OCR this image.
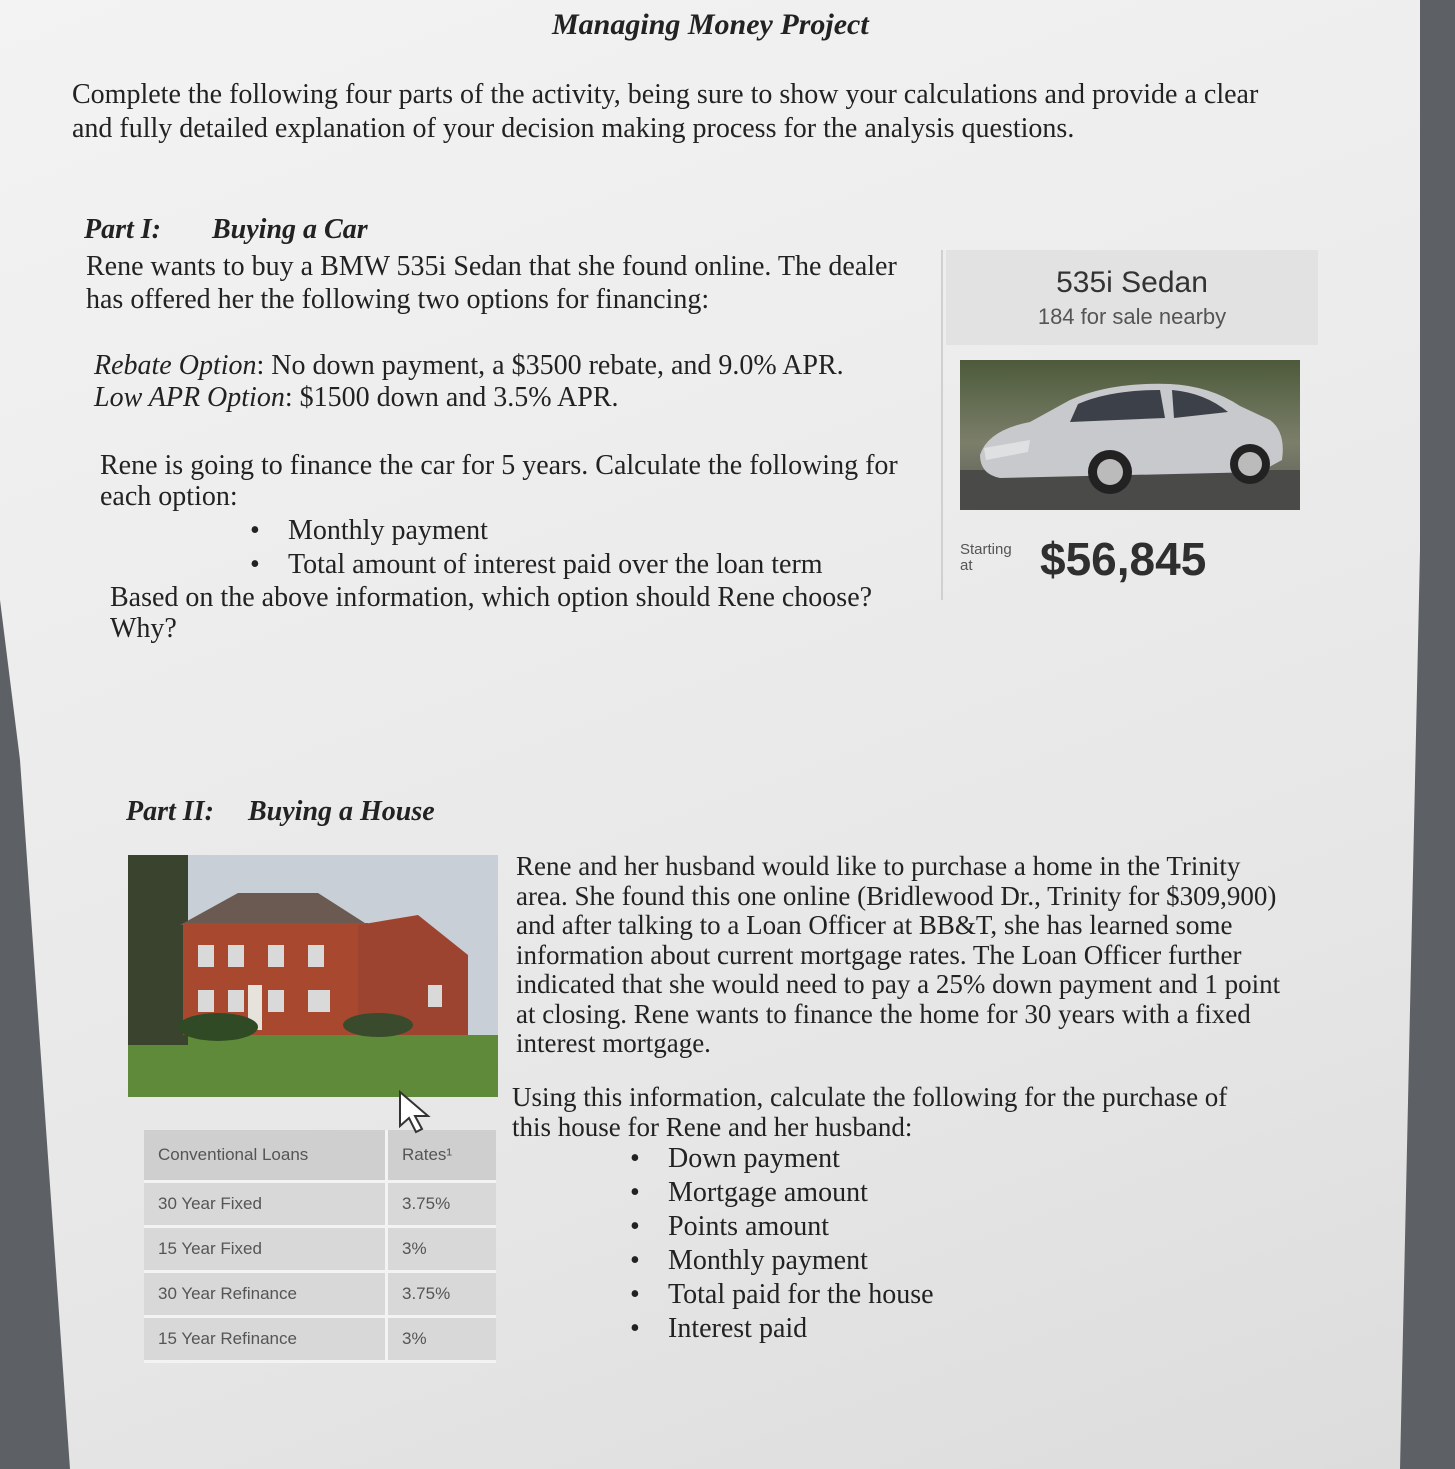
Managing Money Project
Complete the following four parts of the activity, being sure to show your calculations and provide a clear and fully detailed explanation of your decision making process for the analysis questions.
Part I: Buying a Car
Rene wants to buy a BMW 535i Sedan that she found online. The dealer has offered her the following two options for financing:
Rebate Option: No down payment, a $3500 rebate, and 9.0% APR.
Low APR Option: $1500 down and 3.5% APR.
Rene is going to finance the car for 5 years. Calculate the following for each option:
• Monthly payment
• Total amount of interest paid over the loan term
Based on the above information, which option should Rene choose? Why?
535i Sedan
184 for sale nearby
Starting at	$56,845
Part II: Buying a House
Rene and her husband would like to purchase a home in the Trinity area. She found this one online (Bridlewood Dr., Trinity for $309,900) and after talking to a Loan Officer at BB&T, she has learned some information about current mortgage rates. The Loan Officer further indicated that she would need to pay a 25% down payment and 1 point at closing. Rene wants to finance the home for 30 years with a fixed interest mortgage.
Using this information, calculate the following for the purchase of this house for Rene and her husband:
• Down payment
• Mortgage amount
• Points amount
• Monthly payment
• Total paid for the house
• Interest paid
Conventional Loans	Rates¹
30 Year Fixed	3.75%
15 Year Fixed	3%
30 Year Refinance	3.75%
15 Year Refinance	3%
